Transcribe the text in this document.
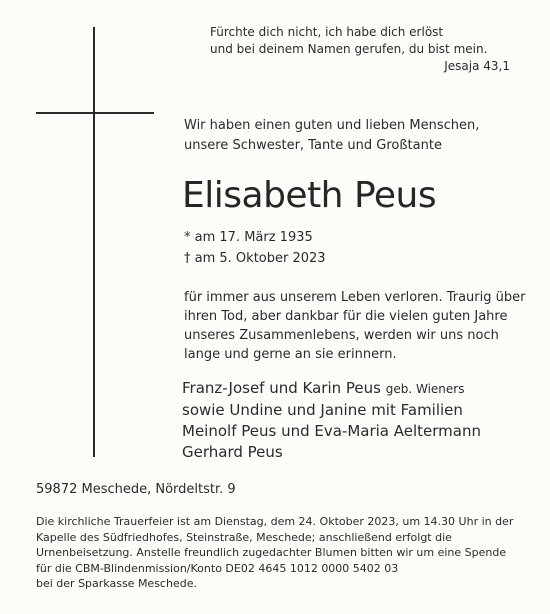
Fürchte dich nicht, ich habe dich erlöst
und bei deinem Namen gerufen, du bist mein.
Jesaja 43,1
Wir haben einen guten und lieben Menschen,
unsere Schwester, Tante und Großtante
Elisabeth Peus
* am 17. März 1935
† am 5. Oktober 2023
für immer aus unserem Leben verloren. Traurig über
ihren Tod, aber dankbar für die vielen guten Jahre
unseres Zusammenlebens, werden wir uns noch
lange und gerne an sie erinnern.
Franz-Josef und Karin Peus geb. Wieners
sowie Undine und Janine mit Familien
Meinolf Peus und Eva-Maria Aeltermann
Gerhard Peus
59872 Meschede, Nördeltstr. 9
Die kirchliche Trauerfeier ist am Dienstag, dem 24. Oktober 2023, um 14.30 Uhr in der
Kapelle des Südfriedhofes, Steinstraße, Meschede; anschließend erfolgt die
Urnenbeisetzung. Anstelle freundlich zugedachter Blumen bitten wir um eine Spende
für die CBM-Blindenmission/Konto DE02 4645 1012 0000 5402 03
bei der Sparkasse Meschede.
